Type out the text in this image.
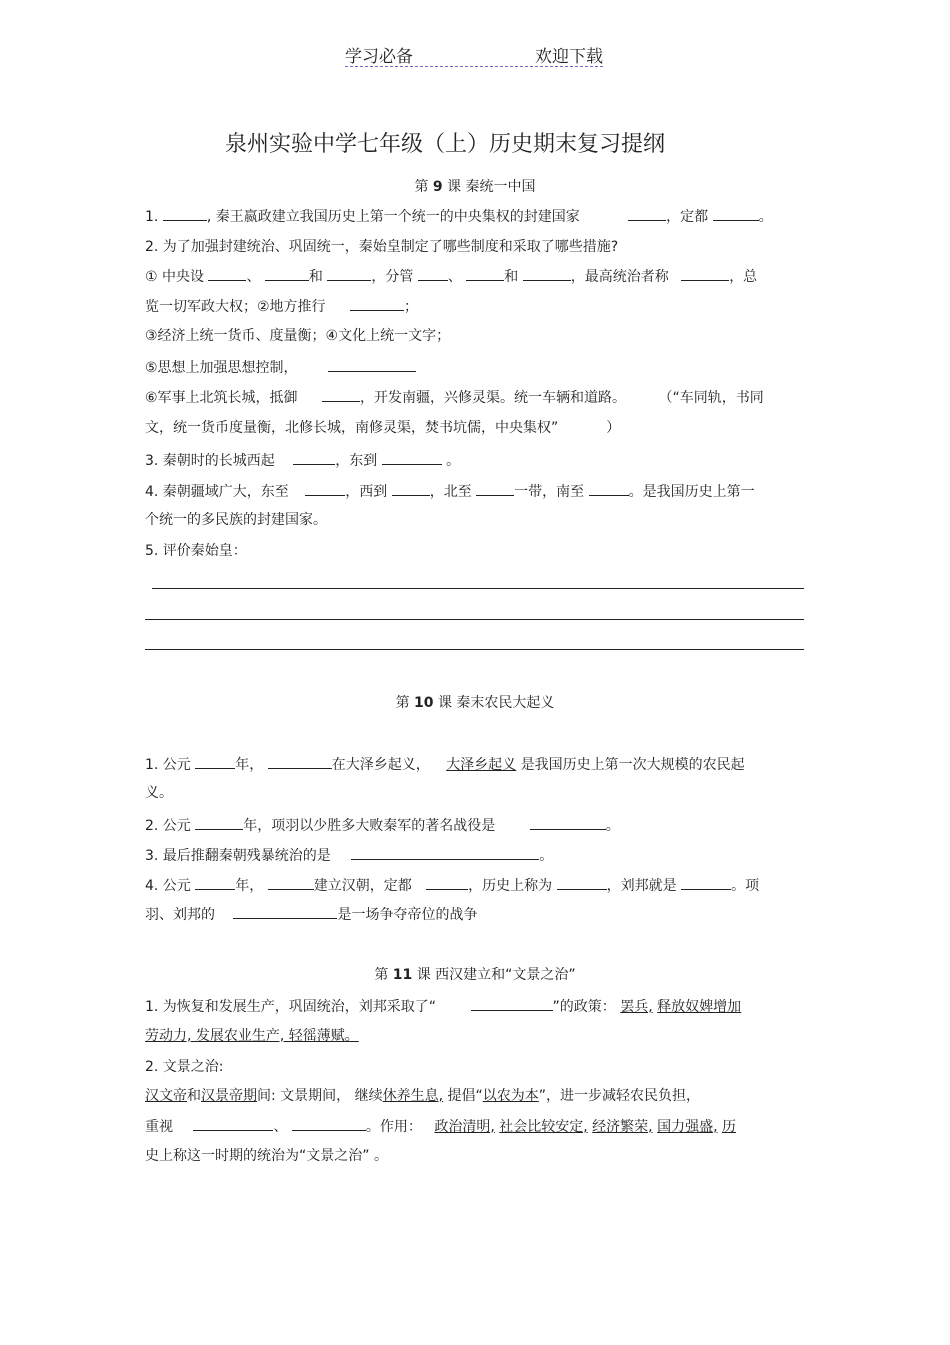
学习必备	欢迎下载
泉州实验中学七年级（上）历史期末复习提纲
第 9 课 秦统一中国
1.	, 秦王嬴政建立我国历史上第一个统一的中央集权的封建国家	，定都	。
2. 为了加强封建统治、巩固统一，秦始皇制定了哪些制度和采取了哪些措施?
① 中央设	、	和	，分管 、	和	，最高统治者称	，总
览一切军政大权；②地方推行	；
③经济上统一货币、度量衡；④文化上统一文字；
⑤思想上加强思想控制，
⑥军事上北筑长城，抵御	，开发南疆，兴修灵渠。统一车辆和道路。 （“车同轨，书同
文，统一货币度量衡，北修长城，南修灵渠，焚书坑儒，中央集权”	）
3. 秦朝时的长城西起	，东到	。
4. 秦朝疆域广大，东至	，西到	，北至	一带，南至	。是我国历史上第一
个统一的多民族的封建国家。
5. 评价秦始皇：
第 10 课 秦末农民大起义
1. 公元	年，	在大泽乡起义， 大泽乡起义 是我国历史上第一次大规模的农民起
义。
2. 公元	年，项羽以少胜多大败秦军的著名战役是	。
3. 最后推翻秦朝残暴统治的是	。
4. 公元	年，	建立汉朝，定都	，历史上称为	，刘邦就是	。项
羽、刘邦的	是一场争夺帝位的战争
第 11 课 西汉建立和“文景之治”
1. 为恢复和发展生产，巩固统治，刘邦采取了“	”的政策： 罢兵, 释放奴婢增加
劳动力, 发展农业生产, 轻徭薄赋。
2. 文景之治:
汉文帝和汉景帝期间: 文景期间， 继续休养生息, 提倡“以农为本”，进一步减轻农民负担，
重视	、	。作用： 政治清明, 社会比较安定, 经济繁荣, 国力强盛, 历
史上称这一时期的统治为“文景之治” 。
